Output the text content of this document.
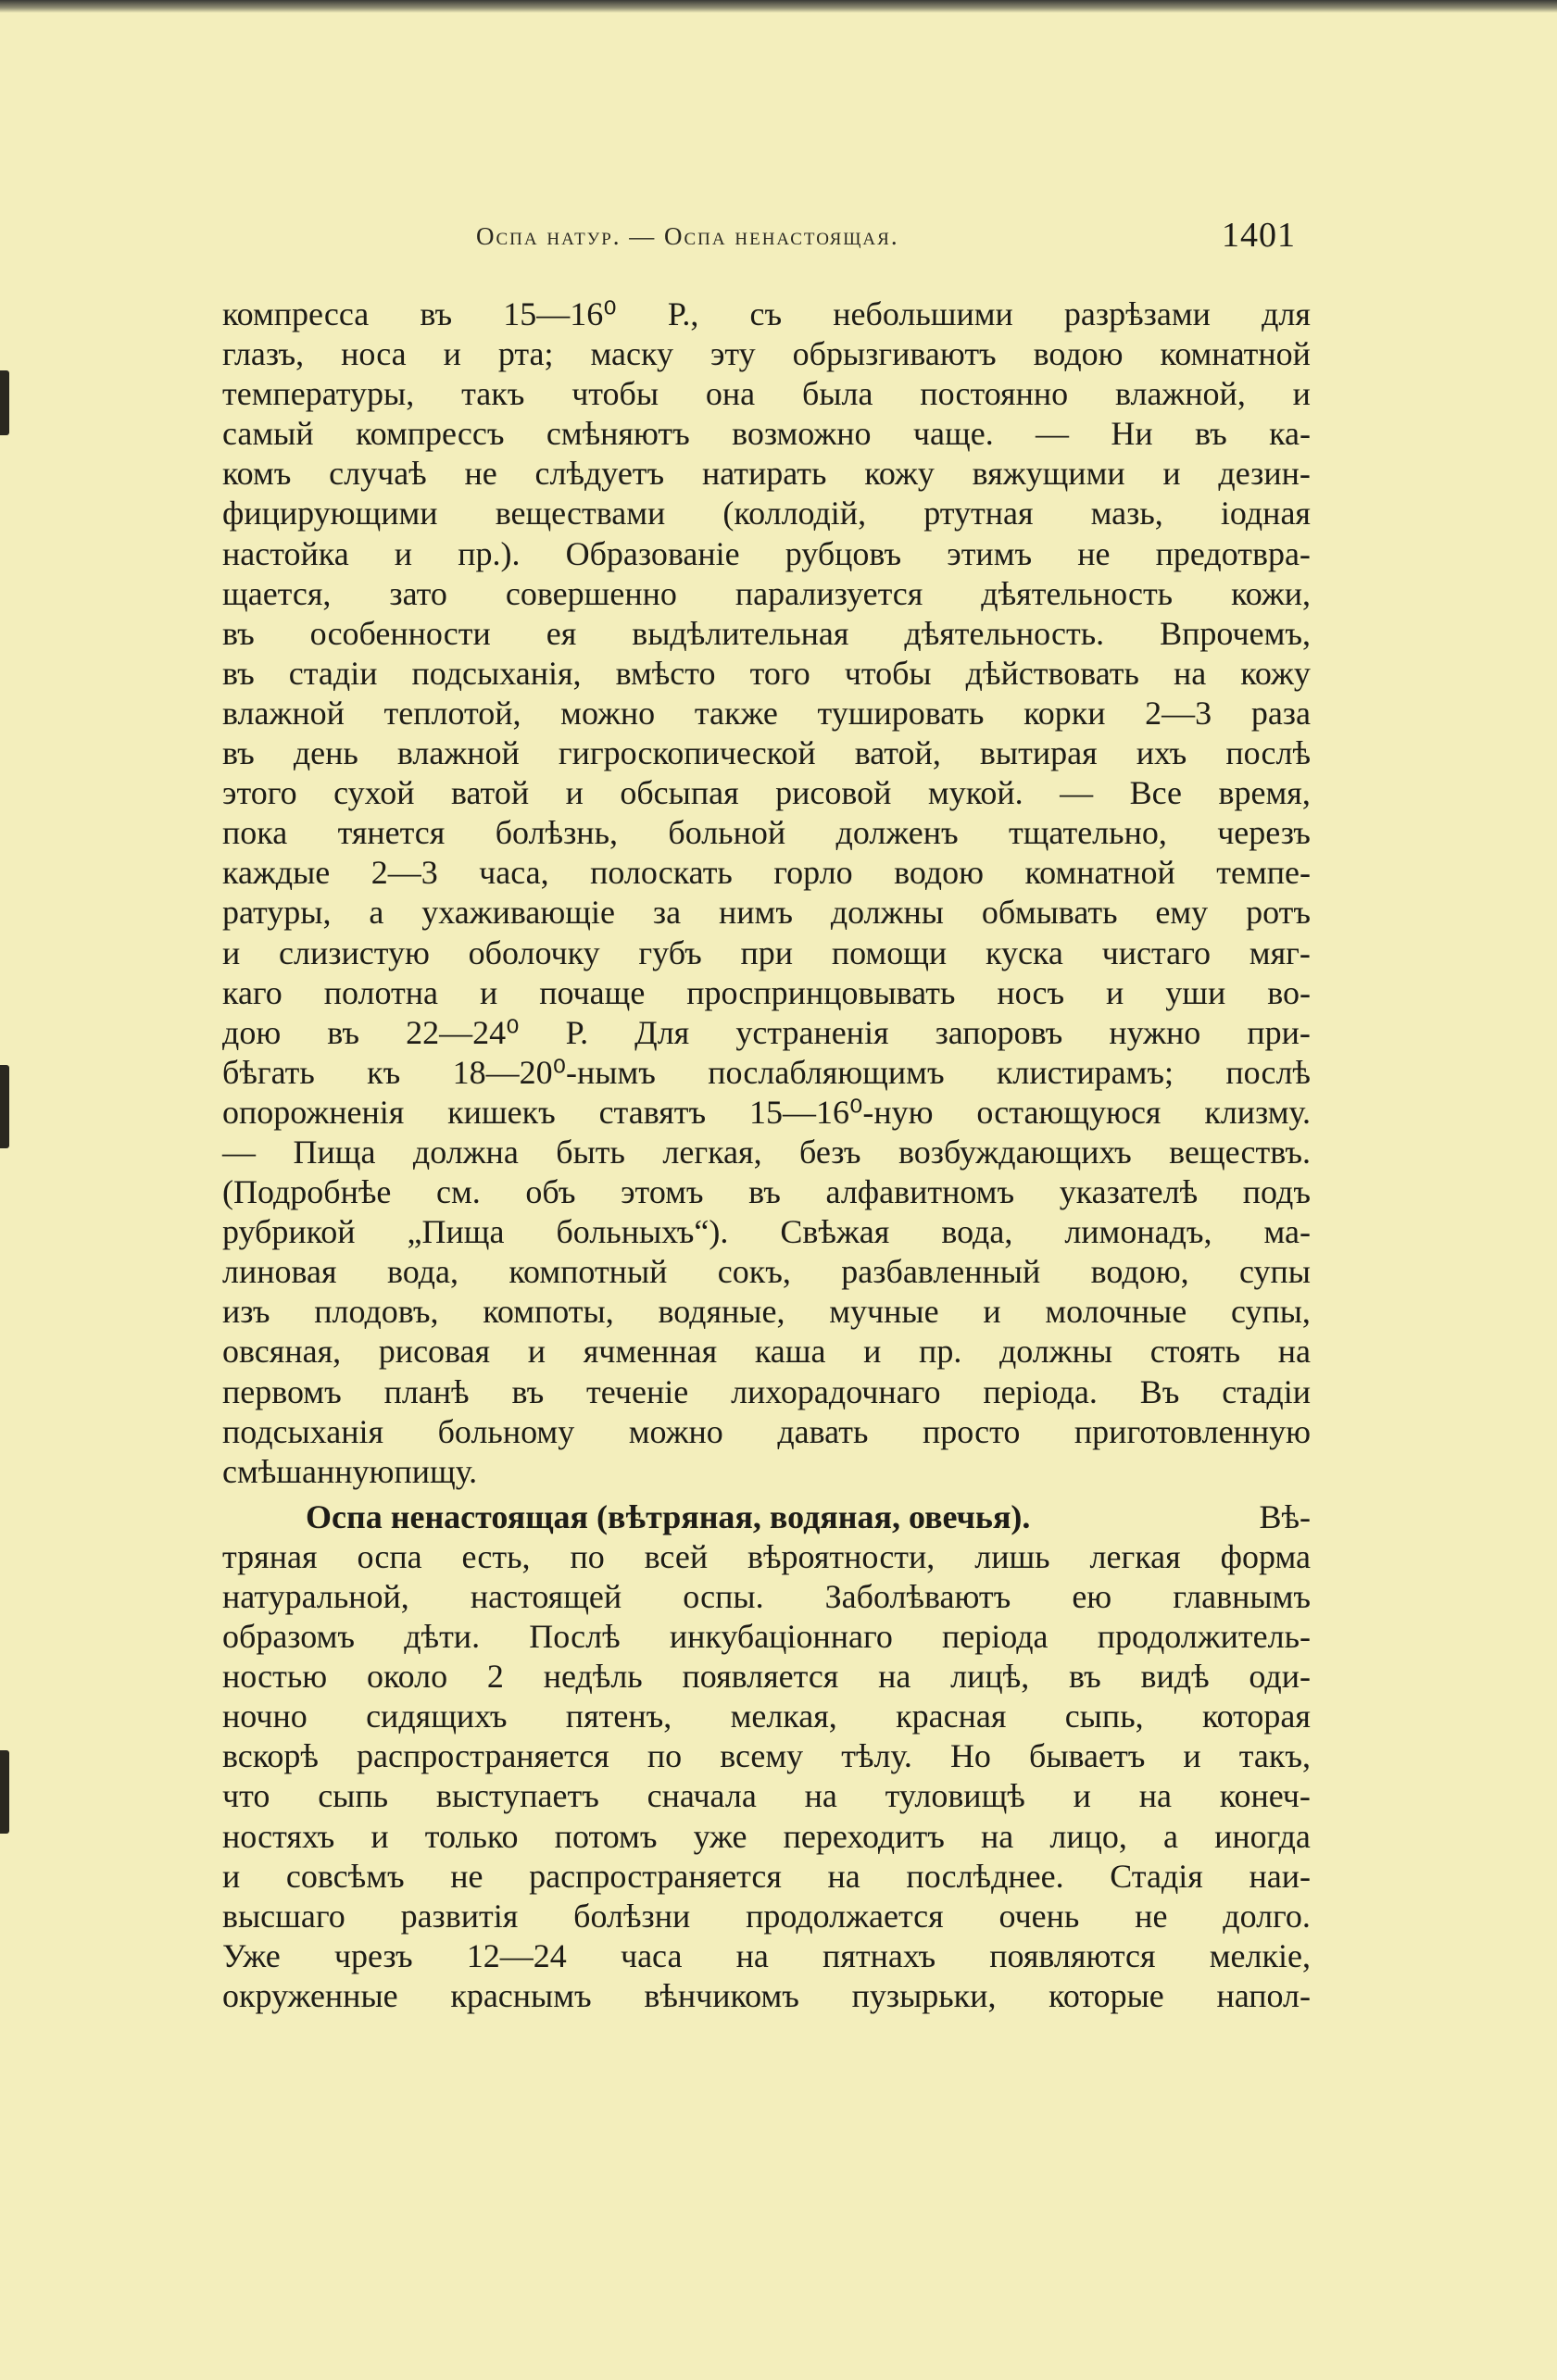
Оспа натур. — Оспа ненастоящая.	1401
компресса въ 15—16⁰ Р., съ небольшими разрѣзами для
глазъ, носа и рта; маску эту обрызгиваютъ водою комнатной
температуры, такъ чтобы она была постоянно влажной, и
самый компрессъ смѣняютъ возможно чаще. — Ни въ ка-
комъ случаѣ не слѣдуетъ натирать кожу вяжущими и дезин-
фицирующими веществами (коллодій, ртутная мазь, іодная
настойка и пр.). Образованіе рубцовъ этимъ не предотвра-
щается, зато совершенно парализуется дѣятельность кожи,
въ особенности ея выдѣлительная дѣятельность. Впрочемъ,
въ стадіи подсыханія, вмѣсто того чтобы дѣйствовать на кожу
влажной теплотой, можно также тушировать корки 2—3 раза
въ день влажной гигроскопической ватой, вытирая ихъ послѣ
этого сухой ватой и обсыпая рисовой мукой. — Все время,
пока тянется болѣзнь, больной долженъ тщательно, черезъ
каждые 2—3 часа, полоскать горло водою комнатной темпе-
ратуры, а ухаживающіе за нимъ должны обмывать ему ротъ
и слизистую оболочку губъ при помощи куска чистаго мяг-
каго полотна и почаще проспринцовывать носъ и уши во-
дою въ 22—24⁰ Р. Для устраненія запоровъ нужно при-
бѣгать къ 18—20⁰-нымъ послабляющимъ клистирамъ; послѣ
опорожненія кишекъ ставятъ 15—16⁰-ную остающуюся клизму.
— Пища должна быть легкая, безъ возбуждающихъ веществъ.
(Подробнѣе см. объ этомъ въ алфавитномъ указателѣ подъ
рубрикой „Пища больныхъ“). Свѣжая вода, лимонадъ, ма-
линовая вода, компотный сокъ, разбавленный водою, супы
изъ плодовъ, компоты, водяные, мучные и молочные супы,
овсяная, рисовая и ячменная каша и пр. должны стоять на
первомъ планѣ въ теченіе лихорадочнаго періода. Въ стадіи
подсыханія больному можно давать просто приготовленную
смѣшанную пищу.
Оспа ненастоящая (вѣтряная, водяная, овечья).	Вѣ-
тряная оспа есть, по всей вѣроятности, лишь легкая форма
натуральной, настоящей оспы. Заболѣваютъ ею главнымъ
образомъ дѣти. Послѣ инкубаціоннаго періода продолжитель-
ностью около 2 недѣль появляется на лицѣ, въ видѣ оди-
ночно сидящихъ пятенъ, мелкая, красная сыпь, которая
вскорѣ распространяется по всему тѣлу. Но бываетъ и такъ,
что сыпь выступаетъ сначала на туловищѣ и на конеч-
ностяхъ и только потомъ уже переходитъ на лицо, а иногда
и совсѣмъ не распространяется на послѣднее. Стадія наи-
высшаго развитія болѣзни продолжается очень не долго.
Уже чрезъ 12—24 часа на пятнахъ появляются мелкіе,
окруженные краснымъ вѣнчикомъ пузырьки, которые напол-
